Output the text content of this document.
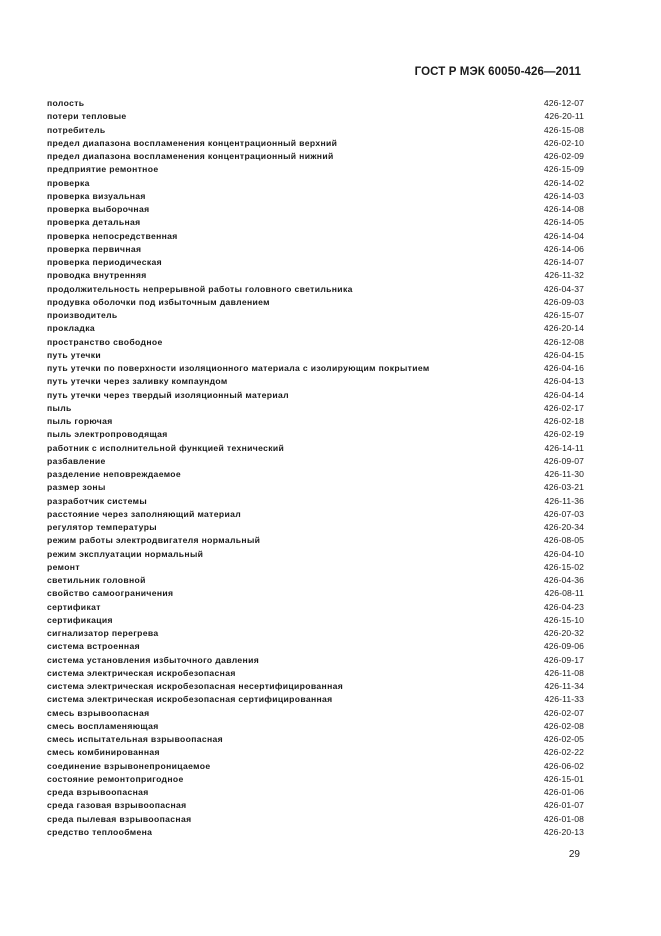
ГОСТ Р МЭК 60050-426—2011
полость	426-12-07
потери тепловые	426-20-11
потребитель	426-15-08
предел диапазона воспламенения концентрационный верхний	426-02-10
предел диапазона воспламенения концентрационный нижний	426-02-09
предприятие ремонтное	426-15-09
проверка	426-14-02
проверка визуальная	426-14-03
проверка выборочная	426-14-08
проверка детальная	426-14-05
проверка непосредственная	426-14-04
проверка первичная	426-14-06
проверка периодическая	426-14-07
проводка внутренняя	426-11-32
продолжительность непрерывной работы головного светильника	426-04-37
продувка оболочки под избыточным давлением	426-09-03
производитель	426-15-07
прокладка	426-20-14
пространство свободное	426-12-08
путь утечки	426-04-15
путь утечки по поверхности изоляционного материала с изолирующим покрытием	426-04-16
путь утечки через заливку компаундом	426-04-13
путь утечки через твердый изоляционный материал	426-04-14
пыль	426-02-17
пыль горючая	426-02-18
пыль электропроводящая	426-02-19
работник с исполнительной функцией технический	426-14-11
разбавление	426-09-07
разделение неповреждаемое	426-11-30
размер зоны	426-03-21
разработчик системы	426-11-36
расстояние через заполняющий материал	426-07-03
регулятор температуры	426-20-34
режим работы электродвигателя нормальный	426-08-05
режим эксплуатации нормальный	426-04-10
ремонт	426-15-02
светильник головной	426-04-36
свойство самоограничения	426-08-11
сертификат	426-04-23
сертификация	426-15-10
сигнализатор перегрева	426-20-32
система встроенная	426-09-06
система установления избыточного давления	426-09-17
система электрическая искробезопасная	426-11-08
система электрическая искробезопасная несертифицированная	426-11-34
система электрическая искробезопасная сертифицированная	426-11-33
смесь взрывоопасная	426-02-07
смесь воспламеняющая	426-02-08
смесь испытательная взрывоопасная	426-02-05
смесь комбинированная	426-02-22
соединение взрывонепроницаемое	426-06-02
состояние ремонтопригодное	426-15-01
среда взрывоопасная	426-01-06
среда газовая взрывоопасная	426-01-07
среда пылевая взрывоопасная	426-01-08
средство теплообмена	426-20-13
29
